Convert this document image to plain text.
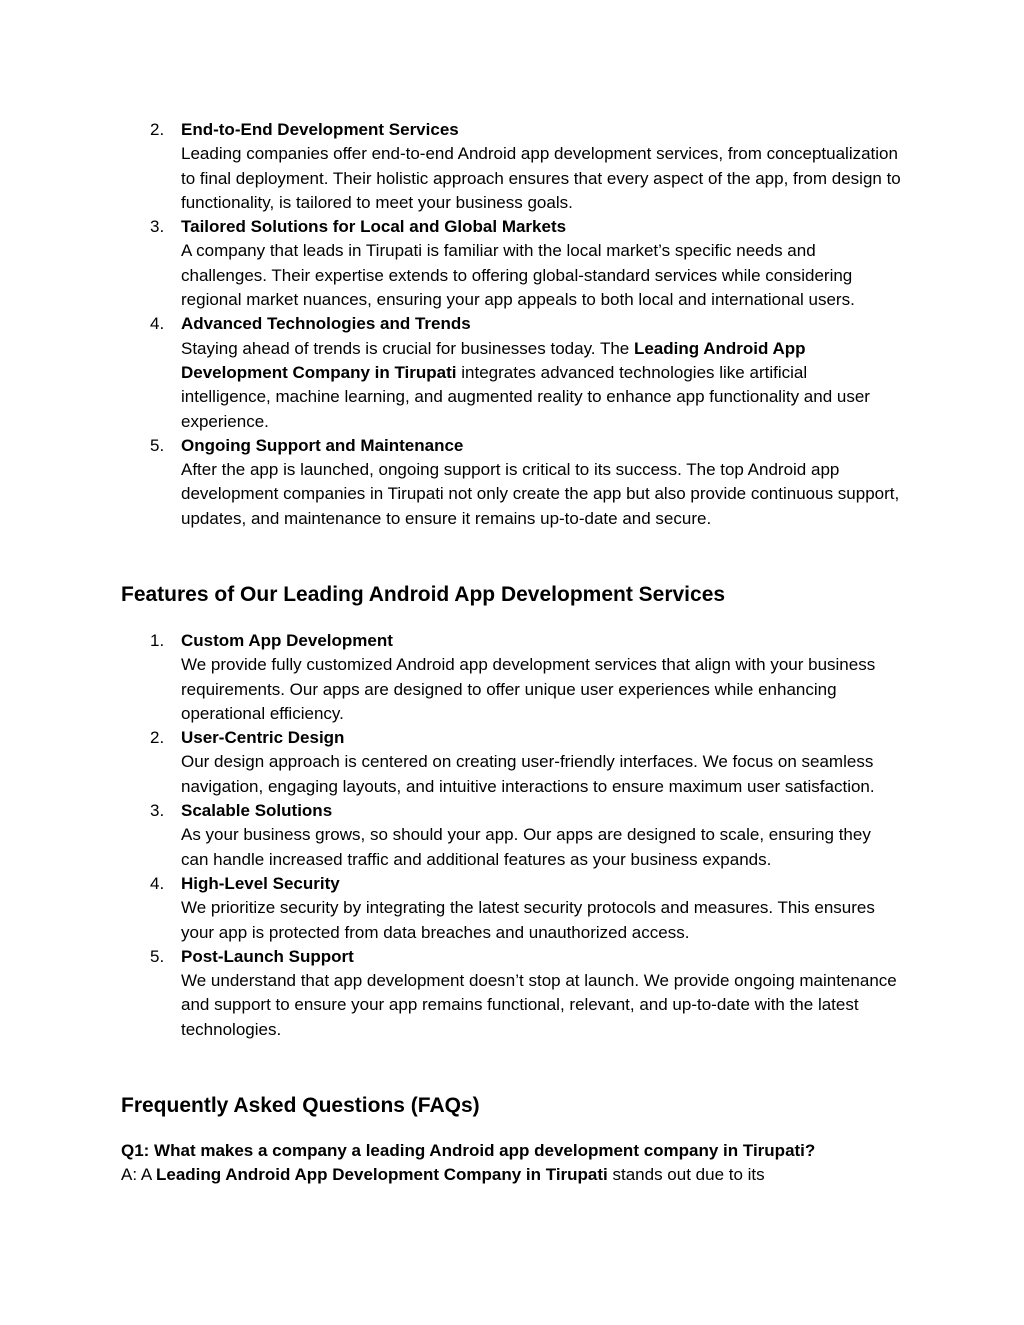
2. End-to-End Development Services
Leading companies offer end-to-end Android app development services, from conceptualization to final deployment. Their holistic approach ensures that every aspect of the app, from design to functionality, is tailored to meet your business goals.
3. Tailored Solutions for Local and Global Markets
A company that leads in Tirupati is familiar with the local market’s specific needs and challenges. Their expertise extends to offering global-standard services while considering regional market nuances, ensuring your app appeals to both local and international users.
4. Advanced Technologies and Trends
Staying ahead of trends is crucial for businesses today. The Leading Android App Development Company in Tirupati integrates advanced technologies like artificial intelligence, machine learning, and augmented reality to enhance app functionality and user experience.
5. Ongoing Support and Maintenance
After the app is launched, ongoing support is critical to its success. The top Android app development companies in Tirupati not only create the app but also provide continuous support, updates, and maintenance to ensure it remains up-to-date and secure.
Features of Our Leading Android App Development Services
1. Custom App Development
We provide fully customized Android app development services that align with your business requirements. Our apps are designed to offer unique user experiences while enhancing operational efficiency.
2. User-Centric Design
Our design approach is centered on creating user-friendly interfaces. We focus on seamless navigation, engaging layouts, and intuitive interactions to ensure maximum user satisfaction.
3. Scalable Solutions
As your business grows, so should your app. Our apps are designed to scale, ensuring they can handle increased traffic and additional features as your business expands.
4. High-Level Security
We prioritize security by integrating the latest security protocols and measures. This ensures your app is protected from data breaches and unauthorized access.
5. Post-Launch Support
We understand that app development doesn’t stop at launch. We provide ongoing maintenance and support to ensure your app remains functional, relevant, and up-to-date with the latest technologies.
Frequently Asked Questions (FAQs)
Q1: What makes a company a leading Android app development company in Tirupati?
A: A Leading Android App Development Company in Tirupati stands out due to its
